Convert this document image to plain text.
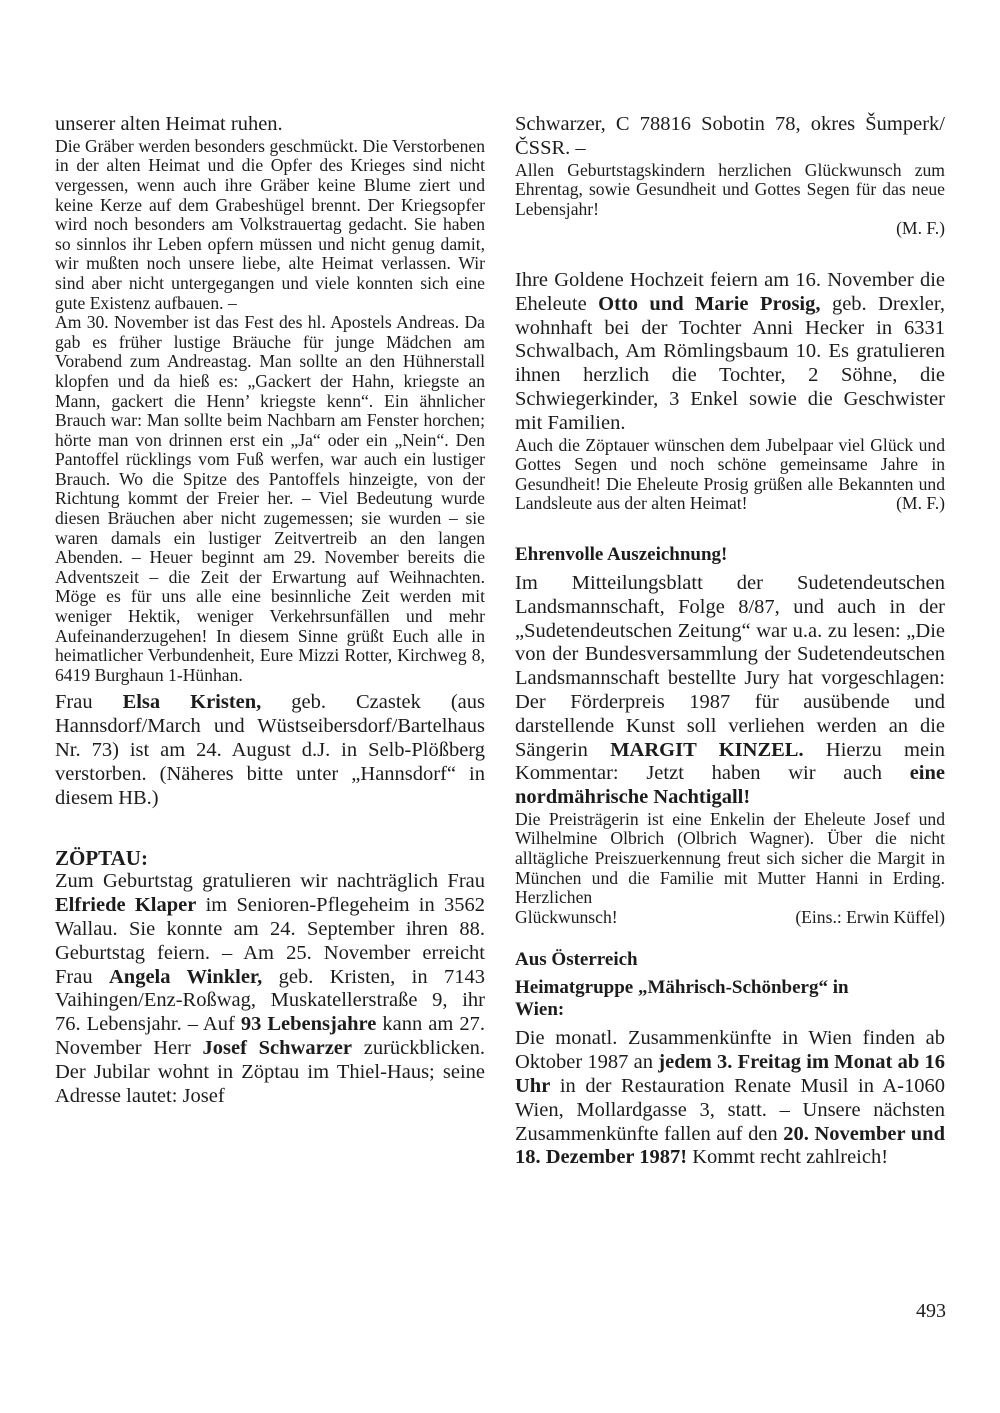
unserer alten Heimat ruhen.

Die Gräber werden besonders geschmückt. Die Verstorbenen in der alten Heimat und die Opfer des Krieges sind nicht vergessen, wenn auch ihre Gräber keine Blume ziert und keine Kerze auf dem Grabeshügel brennt. Der Kriegsopfer wird noch besonders am Volkstrauertag gedacht. Sie haben so sinnlos ihr Leben opfern müssen und nicht genug damit, wir mußten noch unsere liebe, alte Heimat verlassen. Wir sind aber nicht untergegangen und viele konnten sich eine gute Existenz aufbauen. –

Am 30. November ist das Fest des hl. Apostels Andreas. Da gab es früher lustige Bräuche für junge Mädchen am Vorabend zum Andreastag. Man sollte an den Hühnerstall klopfen und da hieß es: „Gackert der Hahn, kriegste an Mann, gackert die Henn’ kriegste kenn“. Ein ähnlicher Brauch war: Man sollte beim Nachbarn am Fenster horchen; hörte man von drinnen erst ein „Ja“ oder ein „Nein“. Den Pantoffel rücklings vom Fuß werfen, war auch ein lustiger Brauch. Wo die Spitze des Pantoffels hinzeigte, von der Richtung kommt der Freier her. – Viel Bedeutung wurde diesen Bräuchen aber nicht zugemessen; sie wurden – sie waren damals ein lustiger Zeitvertreib an den langen Abenden. – Heuer beginnt am 29. November bereits die Adventszeit – die Zeit der Erwartung auf Weihnachten. Möge es für uns alle eine besinnliche Zeit werden mit weniger Hektik, weniger Verkehrsunfällen und mehr Aufeinanderzugehen! In diesem Sinne grüßt Euch alle in heimatlicher Verbundenheit, Eure Mizzi Rotter, Kirchweg 8, 6419 Burghaun 1-Hünhan.

Frau Elsa Kristen, geb. Czastek (aus Hannsdorf/March und Wüstseibersdorf/Bartelhaus Nr. 73) ist am 24. August d.J. in Selb-Plößberg verstorben. (Näheres bitte unter „Hannsdorf“ in diesem HB.)

ZÖPTAU:

Zum Geburtstag gratulieren wir nachträglich Frau Elfriede Klaper im Senioren-Pflegeheim in 3562 Wallau. Sie konnte am 24. September ihren 88. Geburtstag feiern. – Am 25. November erreicht Frau Angela Winkler, geb. Kristen, in 7143 Vaihingen/Enz-Roßwag, Muskatellerstraße 9, ihr 76. Lebensjahr. – Auf 93 Lebensjahre kann am 27. November Herr Josef Schwarzer zurückblicken. Der Jubilar wohnt in Zöptau im Thiel-Haus; seine Adresse lautet: Josef

Schwarzer, C 78816 Sobotin 78, okres Šumperk/ČSSR. –

Allen Geburtstagskindern herzlichen Glückwunsch zum Ehrentag, sowie Gesundheit und Gottes Segen für das neue Lebensjahr!

(M. F.)

Ihre Goldene Hochzeit feiern am 16. November die Eheleute Otto und Marie Prosig, geb. Drexler, wohnhaft bei der Tochter Anni Hecker in 6331 Schwalbach, Am Römlingsbaum 10. Es gratulieren ihnen herzlich die Tochter, 2 Söhne, die Schwiegerkinder, 3 Enkel sowie die Geschwister mit Familien.

Auch die Zöptauer wünschen dem Jubelpaar viel Glück und Gottes Segen und noch schöne gemeinsame Jahre in Gesundheit! Die Eheleute Prosig grüßen alle Bekannten und Landsleute aus der alten Heimat!	(M. F.)

Ehrenvolle Auszeichnung!

Im Mitteilungsblatt der Sudetendeutschen Landsmannschaft, Folge 8/87, und auch in der „Sudetendeutschen Zeitung“ war u.a. zu lesen: „Die von der Bundesversammlung der Sudetendeutschen Landsmannschaft bestellte Jury hat vorgeschlagen: Der Förderpreis 1987 für ausübende und darstellende Kunst soll verliehen werden an die Sängerin MARGIT KINZEL. Hierzu mein Kommentar: Jetzt haben wir auch eine nordmährische Nachtigall!

Die Preisträgerin ist eine Enkelin der Eheleute Josef und Wilhelmine Olbrich (Olbrich Wagner). Über die nicht alltägliche Preiszuerkennung freut sich sicher die Margit in München und die Familie mit Mutter Hanni in Erding. Herzlichen

Glückwunsch!	(Eins.: Erwin Küffel)

Aus Österreich

Heimatgruppe „Mährisch-Schönberg“ in Wien:

Die monatl. Zusammenkünfte in Wien finden ab Oktober 1987 an jedem 3. Freitag im Monat ab 16 Uhr in der Restauration Renate Musil in A-1060 Wien, Mollardgasse 3, statt. – Unsere nächsten Zusammenkünfte fallen auf den 20. November und 18. Dezember 1987! Kommt recht zahlreich!

493
